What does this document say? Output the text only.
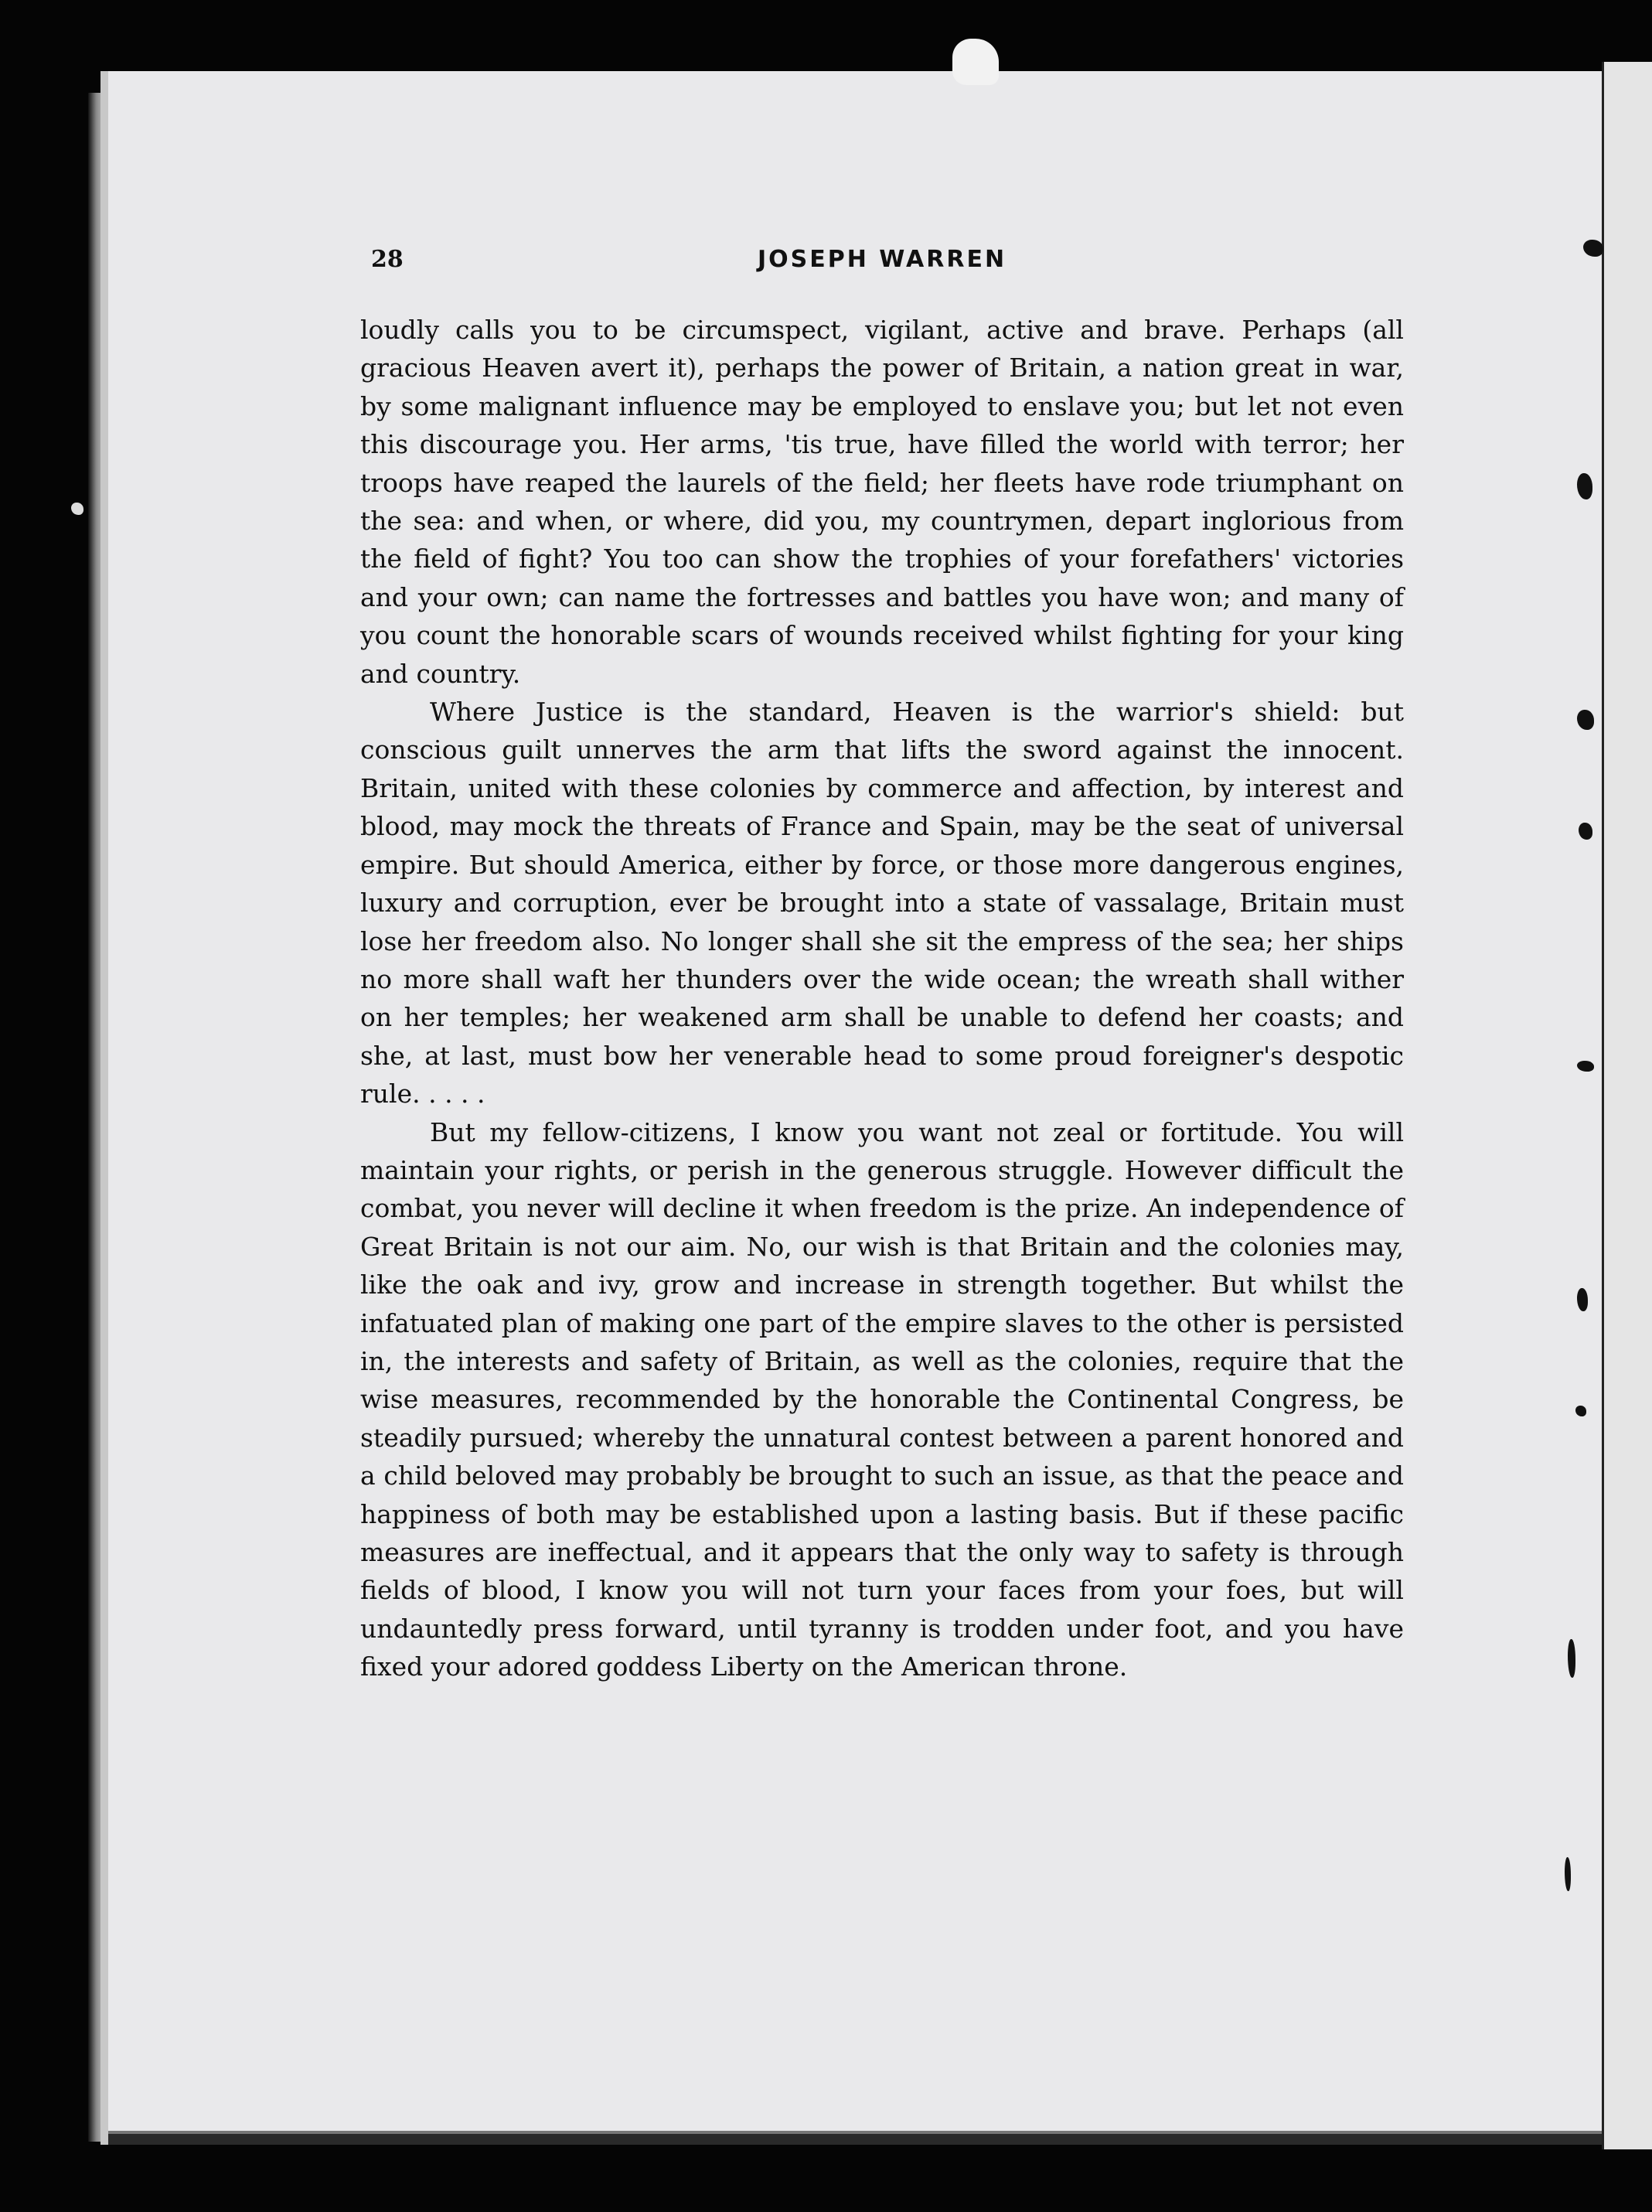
28	JOSEPH WARREN

loudly calls you to be circumspect, vigilant, active and brave. Perhaps (all gracious Heaven avert it), perhaps the power of Britain, a nation great in war, by some malignant influence may be employed to enslave you; but let not even this discourage you. Her arms, 'tis true, have filled the world with terror; her troops have reaped the laurels of the field; her fleets have rode triumphant on the sea: and when, or where, did you, my countrymen, depart inglorious from the field of fight? You too can show the trophies of your forefathers' victories and your own; can name the fortresses and battles you have won; and many of you count the honorable scars of wounds received whilst fighting for your king and country.

Where Justice is the standard, Heaven is the warrior's shield: but conscious guilt unnerves the arm that lifts the sword against the innocent. Britain, united with these colonies by commerce and affection, by interest and blood, may mock the threats of France and Spain, may be the seat of universal empire. But should America, either by force, or those more dangerous engines, luxury and corruption, ever be brought into a state of vassalage, Britain must lose her freedom also. No longer shall she sit the empress of the sea; her ships no more shall waft her thunders over the wide ocean; the wreath shall wither on her temples; her weakened arm shall be unable to defend her coasts; and she, at last, must bow her venerable head to some proud foreigner's despotic rule. . . . .

But my fellow-citizens, I know you want not zeal or fortitude. You will maintain your rights, or perish in the generous struggle. However difficult the combat, you never will decline it when freedom is the prize. An independence of Great Britain is not our aim. No, our wish is that Britain and the colonies may, like the oak and ivy, grow and increase in strength together. But whilst the infatuated plan of making one part of the empire slaves to the other is persisted in, the interests and safety of Britain, as well as the colonies, require that the wise measures, recommended by the honorable the Continental Congress, be steadily pursued; whereby the unnatural contest between a parent honored and a child beloved may probably be brought to such an issue, as that the peace and happiness of both may be established upon a lasting basis. But if these pacific measures are ineffectual, and it appears that the only way to safety is through fields of blood, I know you will not turn your faces from your foes, but will undauntedly press forward, until tyranny is trodden under foot, and you have fixed your adored goddess Liberty on the American throne.
